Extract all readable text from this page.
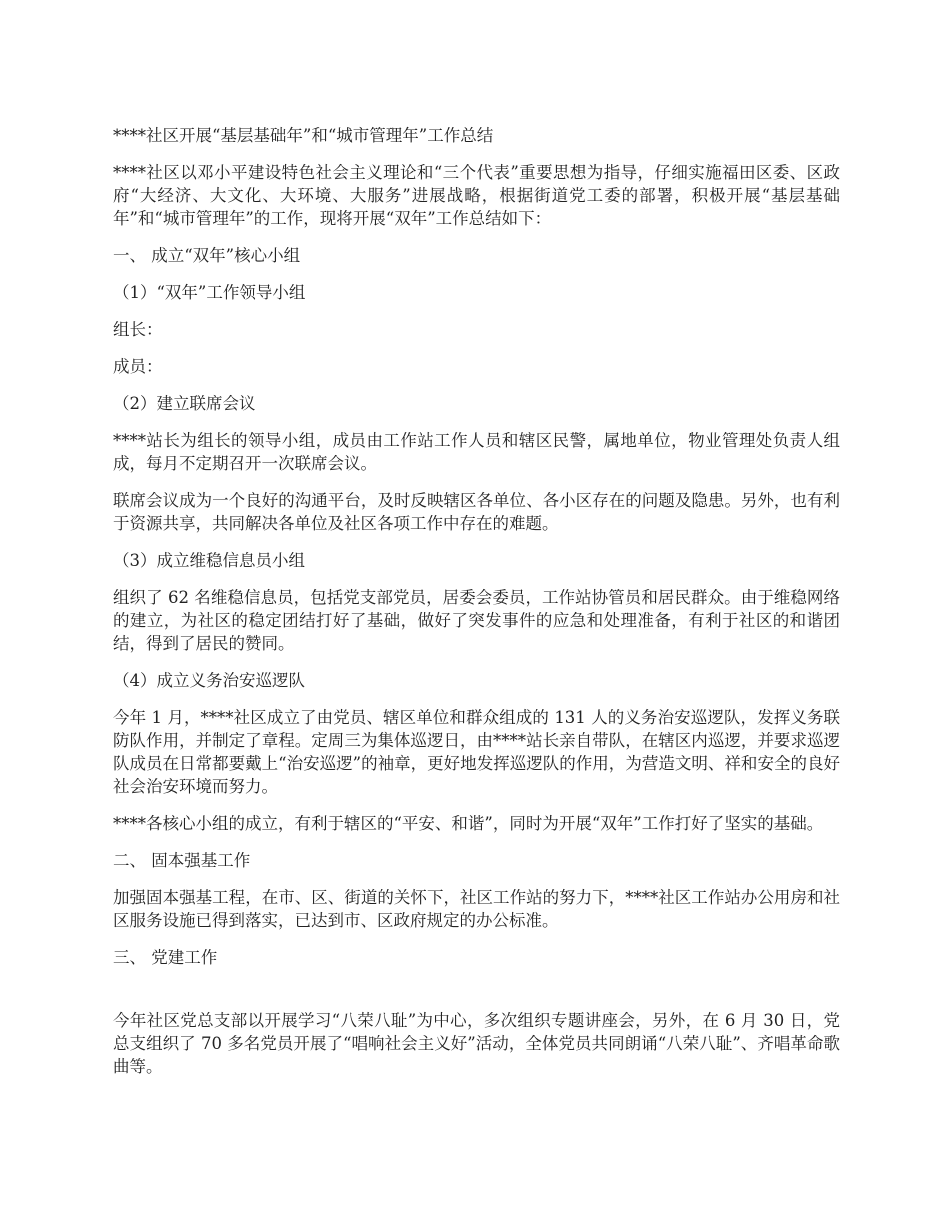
****社区开展“基层基础年”和“城市管理年”工作总结

****社区以邓小平建设特色社会主义理论和“三个代表”重要思想为指导，仔细实施福田区委、区政府“大经济、大文化、大环境、大服务”进展战略，根据街道党工委的部署，积极开展“基层基础年”和“城市管理年”的工作，现将开展“双年”工作总结如下：

一、 成立“双年”核心小组

（1）“双年”工作领导小组

组长：

成员：

（2）建立联席会议

****站长为组长的领导小组，成员由工作站工作人员和辖区民警，属地单位，物业管理处负责人组成，每月不定期召开一次联席会议。

联席会议成为一个良好的沟通平台，及时反映辖区各单位、各小区存在的问题及隐患。另外，也有利于资源共享，共同解决各单位及社区各项工作中存在的难题。

（3）成立维稳信息员小组

组织了 62 名维稳信息员，包括党支部党员，居委会委员，工作站协管员和居民群众。由于维稳网络的建立，为社区的稳定团结打好了基础，做好了突发事件的应急和处理准备，有利于社区的和谐团结，得到了居民的赞同。

（4）成立义务治安巡逻队

今年 1 月，****社区成立了由党员、辖区单位和群众组成的 131 人的义务治安巡逻队，发挥义务联防队作用，并制定了章程。定周三为集体巡逻日，由****站长亲自带队，在辖区内巡逻，并要求巡逻队成员在日常都要戴上“治安巡逻”的袖章，更好地发挥巡逻队的作用，为营造文明、祥和安全的良好社会治安环境而努力。

****各核心小组的成立，有利于辖区的“平安、和谐”，同时为开展“双年”工作打好了坚实的基础。

二、 固本强基工作

加强固本强基工程，在市、区、街道的关怀下，社区工作站的努力下，****社区工作站办公用房和社区服务设施已得到落实，已达到市、区政府规定的办公标准。

三、 党建工作

今年社区党总支部以开展学习“八荣八耻”为中心，多次组织专题讲座会，另外，在 6 月 30 日，党总支组织了 70 多名党员开展了“唱响社会主义好”活动，全体党员共同朗诵“八荣八耻”、齐唱革命歌曲等。
